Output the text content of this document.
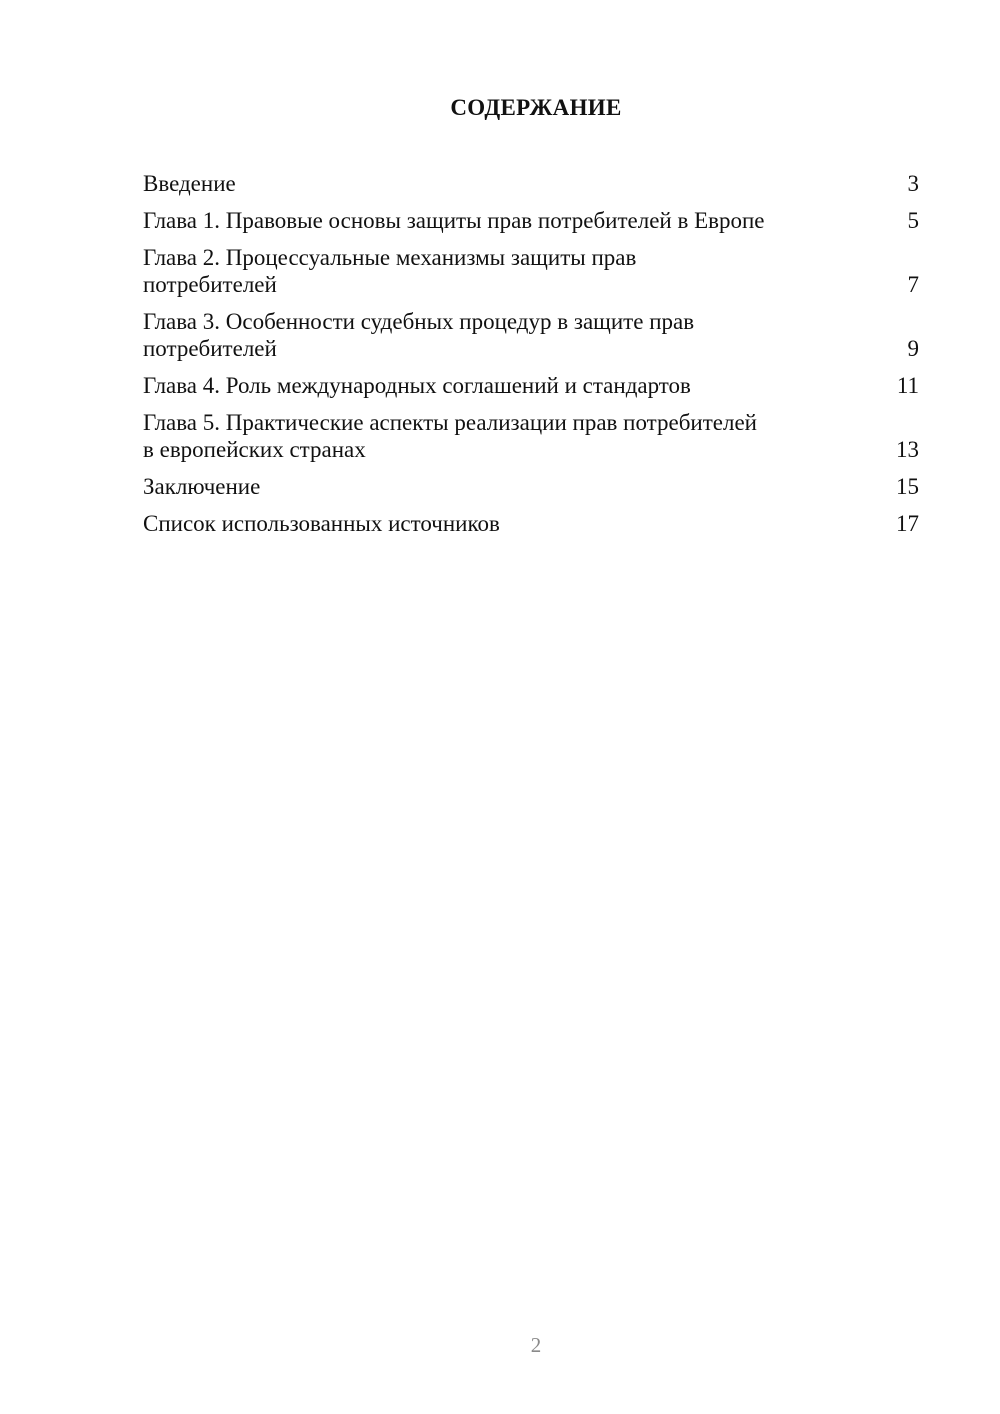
СОДЕРЖАНИЕ
Введение	3
Глава 1. Правовые основы защиты прав потребителей в Европе	5
Глава 2. Процессуальные механизмы защиты прав
потребителей	7
Глава 3. Особенности судебных процедур в защите прав
потребителей	9
Глава 4. Роль международных соглашений и стандартов	11
Глава 5. Практические аспекты реализации прав потребителей
в европейских странах	13
Заключение	15
Список использованных источников	17
2
